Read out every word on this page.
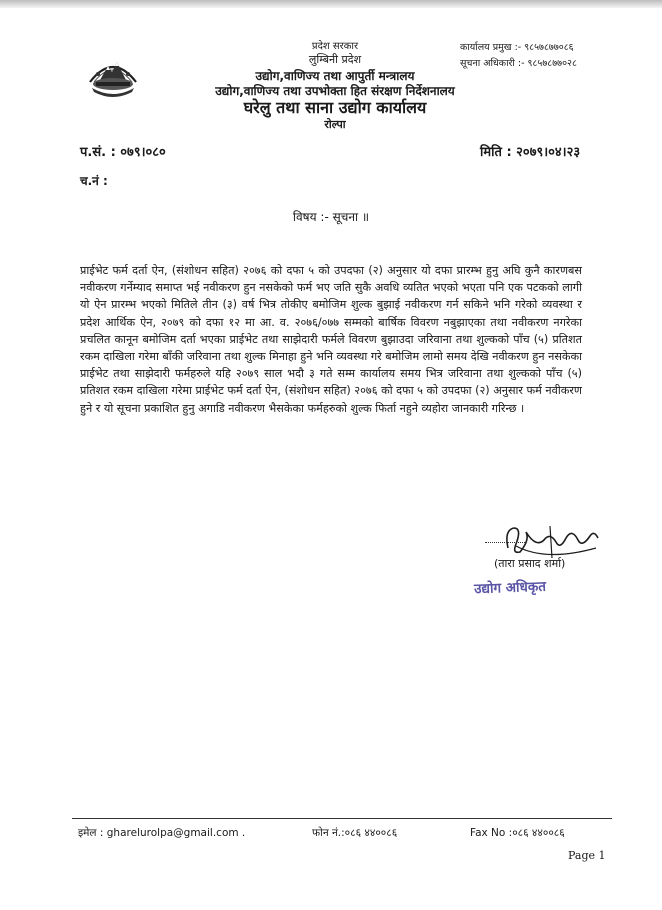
प्रदेश सरकार
लुम्बिनी प्रदेश
उद्योग,वाणिज्य तथा आपुर्ती मन्त्रालय
उद्योग,वाणिज्य तथा उपभोक्ता हित संरक्षण निर्देशनालय
घरेलु तथा साना उद्योग कार्यालय
रोल्पा
कार्यालय प्रमुख :- ९८५७८७७०८६
सूचना अधिकारी :- ९८५७८७७०२८
प.सं. : ०७९।०८०	मिति : २०७९।०४।२३
च.नं :
विषय :- सूचना ॥
प्राईभेट फर्म दर्ता ऐन, (संशोधन सहित) २०७६ को दफा ५ को उपदफा (२) अनुसार यो दफा प्रारम्भ हुनु अघि कुनै कारणबस नवीकरण गर्नेम्याद समाप्त भई नवीकरण हुन नसकेको फर्म भए जति सुकै अवधि व्यतित भएको भएता पनि एक पटकको लागी यो ऐन प्रारम्भ भएको मितिले तीन (३) वर्ष भित्र तोकीए बमोजिम शुल्क बुझाई नवीकरण गर्न सकिने भनि गरेको व्यवस्था र प्रदेश आर्थिक ऐन, २०७९ को दफा १२ मा आ. व. २०७६/०७७ सम्मको बार्षिक विवरण नबुझाएका तथा नवीकरण नगरेका प्रचलित कानून बमोजिम दर्ता भएका प्राईभेट तथा साझेदारी फर्मले विवरण बुझाउदा जरिवाना तथा शुल्कको पाँच (५) प्रतिशत रकम दाखिला गरेमा बाँकी जरिवाना तथा शुल्क मिनाहा हुने भनि व्यवस्था गरे बमोजिम लामो समय देखि नवीकरण हुन नसकेका प्राईभेट तथा साझेदारी फर्महरुले यहि २०७९ साल भदौ ३ गते सम्म कार्यालय समय भित्र जरिवाना तथा शुल्कको पाँच (५) प्रतिशत रकम दाखिला गरेमा प्राईभेट फर्म दर्ता ऐन, (संशोधन सहित) २०७६ को दफा ५ को उपदफा (२) अनुसार फर्म नवीकरण हुने र यो सूचना प्रकाशित हुनु अगाडि नवीकरण भैसकेका फर्महरुको शुल्क फिर्ता नहुने व्यहोरा जानकारी गरिन्छ ।
(तारा प्रसाद शर्मा)
उद्योग अधिकृत
इमेल : gharelurolpa@gmail.com .	फोन नं.:०८६ ४४००८६	Fax No :०८६ ४४००८६
Page 1
